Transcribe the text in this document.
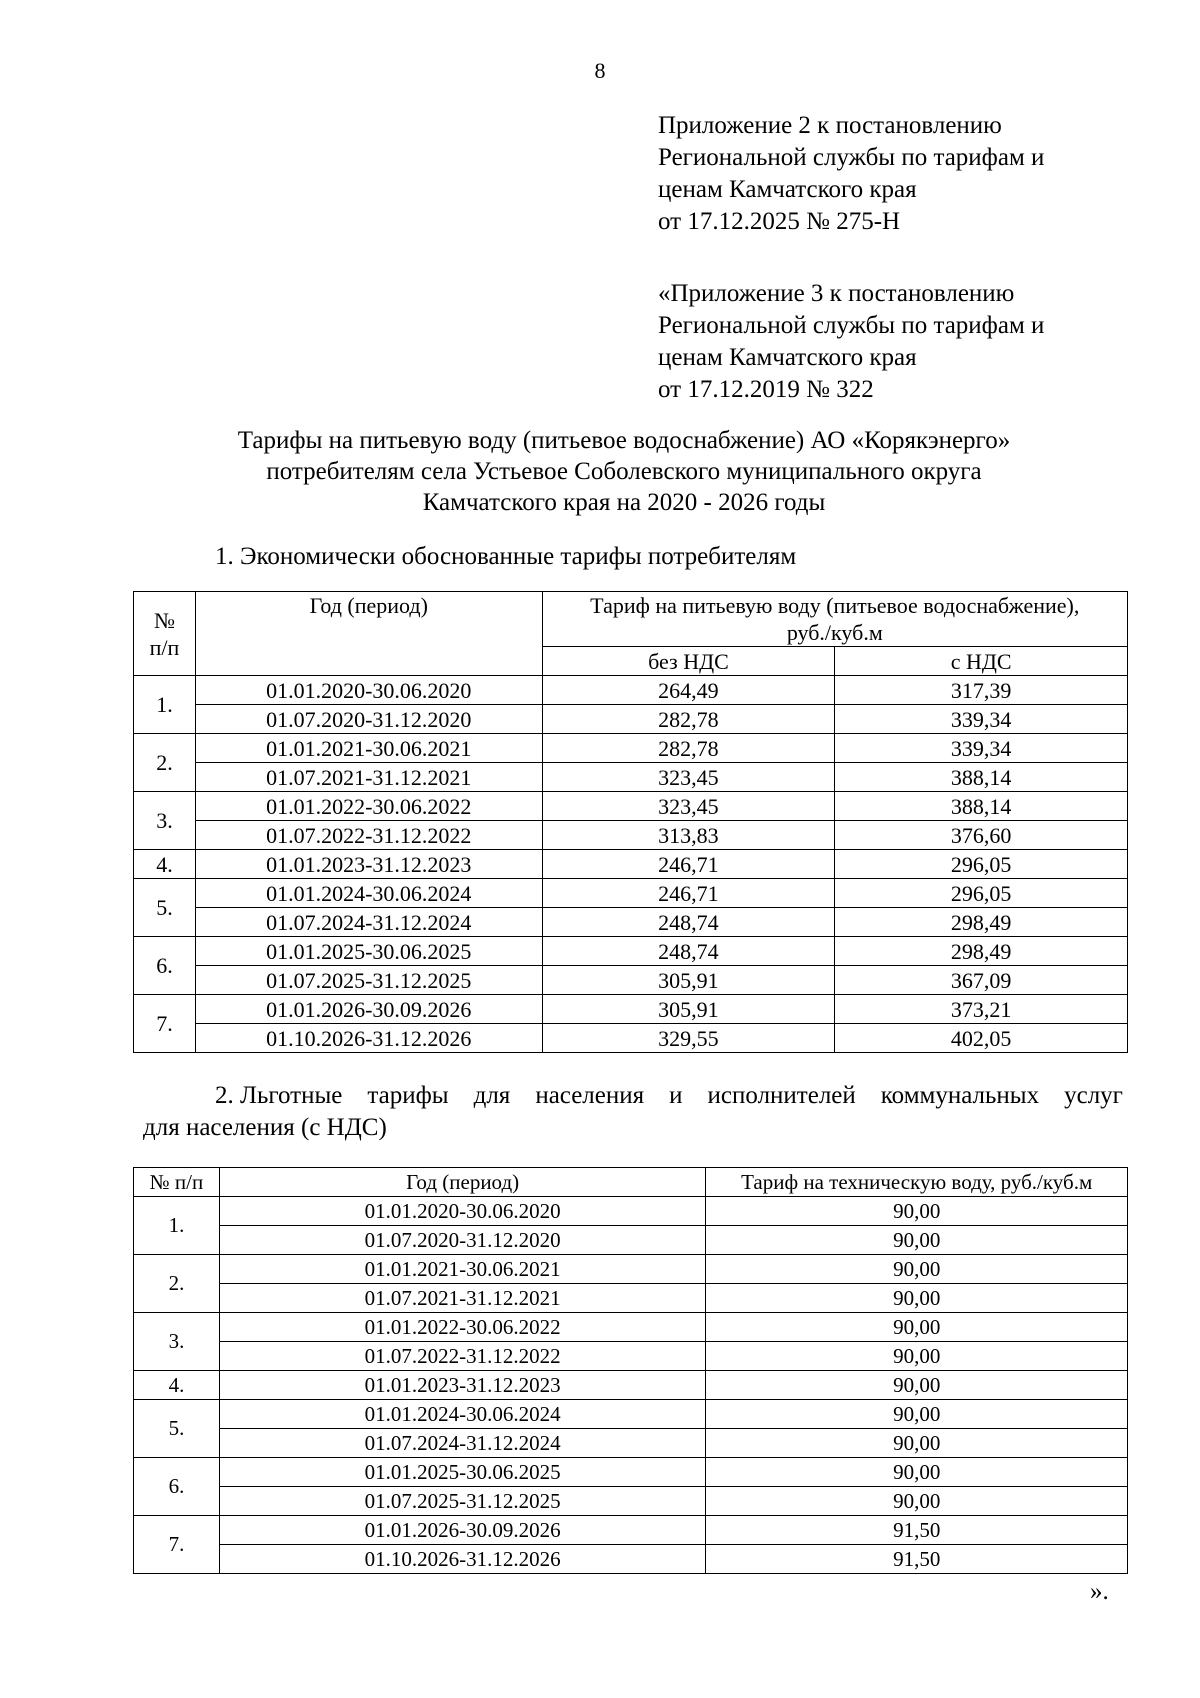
8
Приложение 2 к постановлению
Региональной службы по тарифам и
ценам Камчатского края
от 17.12.2025 № 275-Н
«Приложение 3 к постановлению
Региональной службы по тарифам и
ценам Камчатского края
от 17.12.2019 № 322
Тарифы на питьевую воду (питьевое водоснабжение) АО «Корякэнерго»
потребителям села Устьевое Соболевского муниципального округа
Камчатского края на 2020 - 2026 годы
1. Экономически обоснованные тарифы потребителям
№ п/п	Год (период)	Тариф на питьевую воду (питьевое водоснабжение), руб./куб.м	
		без НДС	с НДС
1.	01.01.2020-30.06.2020	264,49	317,39
	01.07.2020-31.12.2020	282,78	339,34
2.	01.01.2021-30.06.2021	282,78	339,34
	01.07.2021-31.12.2021	323,45	388,14
3.	01.01.2022-30.06.2022	323,45	388,14
	01.07.2022-31.12.2022	313,83	376,60
4.	01.01.2023-31.12.2023	246,71	296,05
5.	01.01.2024-30.06.2024	246,71	296,05
	01.07.2024-31.12.2024	248,74	298,49
6.	01.01.2025-30.06.2025	248,74	298,49
	01.07.2025-31.12.2025	305,91	367,09
7.	01.01.2026-30.09.2026	305,91	373,21
	01.10.2026-31.12.2026	329,55	402,05
2. Льготные тарифы для населения и исполнителей коммунальных услуг
для населения (с НДС)
№ п/п	Год (период)	Тариф на техническую воду, руб./куб.м
1.	01.01.2020-30.06.2020	90,00
	01.07.2020-31.12.2020	90,00
2.	01.01.2021-30.06.2021	90,00
	01.07.2021-31.12.2021	90,00
3.	01.01.2022-30.06.2022	90,00
	01.07.2022-31.12.2022	90,00
4.	01.01.2023-31.12.2023	90,00
5.	01.01.2024-30.06.2024	90,00
	01.07.2024-31.12.2024	90,00
6.	01.01.2025-30.06.2025	90,00
	01.07.2025-31.12.2025	90,00
7.	01.01.2026-30.09.2026	91,50
	01.10.2026-31.12.2026	91,50
».
